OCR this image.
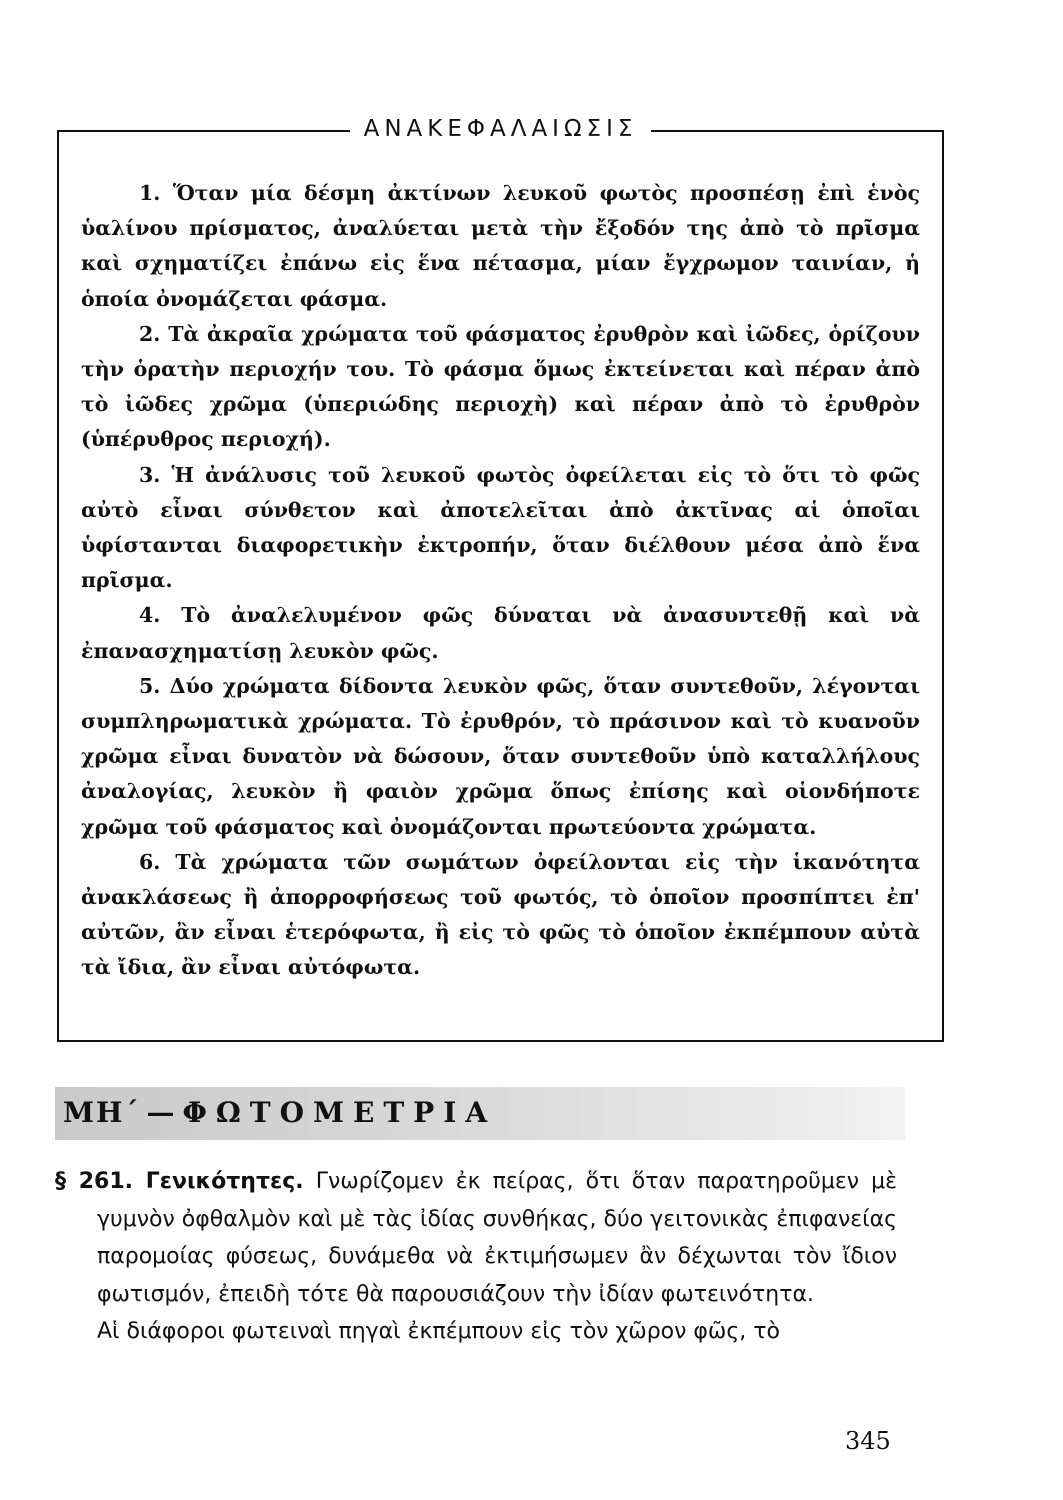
ΑΝΑΚΕΦΑΛΑΙΩΣΙΣ

1. Ὅταν μία δέσμη ἀκτίνων λευκοῦ φωτὸς προσπέσῃ ἐπὶ ἑνὸς ὑαλίνου πρίσματος, ἀναλύεται μετὰ τὴν ἔξοδόν της ἀπὸ τὸ πρῖσμα καὶ σχηματίζει ἐπάνω εἰς ἕνα πέτασμα, μίαν ἔγχρωμον ταινίαν, ἡ ὁποία ὀνομάζεται φάσμα.

2. Τὰ ἀκραῖα χρώματα τοῦ φάσματος ἐρυθρὸν καὶ ἰῶδες, ὁρίζουν τὴν ὁρατὴν περιοχήν του. Τὸ φάσμα ὅμως ἐκτείνεται καὶ πέραν ἀπὸ τὸ ἰῶδες χρῶμα (ὑπεριώδης περιοχὴ) καὶ πέραν ἀπὸ τὸ ἐρυθρὸν (ὑπέρυθρος περιοχή).

3. Ἡ ἀνάλυσις τοῦ λευκοῦ φωτὸς ὀφείλεται εἰς τὸ ὅτι τὸ φῶς αὐτὸ εἶναι σύνθετον καὶ ἀποτελεῖται ἀπὸ ἀκτῖνας αἱ ὁποῖαι ὑφίστανται διαφορετικὴν ἐκτροπήν, ὅταν διέλθουν μέσα ἀπὸ ἕνα πρῖσμα.

4. Τὸ ἀναλελυμένον φῶς δύναται νὰ ἀνασυντεθῇ καὶ νὰ ἐπανασχηματίσῃ λευκὸν φῶς.

5. Δύο χρώματα δίδοντα λευκὸν φῶς, ὅταν συντεθοῦν, λέγονται συμπληρωματικὰ χρώματα. Τὸ ἐρυθρόν, τὸ πράσινον καὶ τὸ κυανοῦν χρῶμα εἶναι δυνατὸν νὰ δώσουν, ὅταν συντεθοῦν ὑπὸ καταλλήλους ἀναλογίας, λευκὸν ἢ φαιὸν χρῶμα ὅπως ἐπίσης καὶ οἱονδήποτε χρῶμα τοῦ φάσματος καὶ ὀνομάζονται πρωτεύοντα χρώματα.

6. Τὰ χρώματα τῶν σωμάτων ὀφείλονται εἰς τὴν ἱκανότητα ἀνακλάσεως ἢ ἀπορροφήσεως τοῦ φωτός, τὸ ὁποῖον προσπίπτει ἐπ' αὐτῶν, ἂν εἶναι ἑτερόφωτα, ἢ εἰς τὸ φῶς τὸ ὁποῖον ἐκπέμπουν αὐτὰ τὰ ἴδια, ἂν εἶναι αὐτόφωτα.

ΜΗ΄ — ΦΩΤΟΜΕΤΡΙΑ

§ 261. Γενικότητες. Γνωρίζομεν ἐκ πείρας, ὅτι ὅταν παρατηροῦμεν μὲ γυμνὸν ὀφθαλμὸν καὶ μὲ τὰς ἰδίας συνθήκας, δύο γειτονικὰς ἐπιφανείας παρομοίας φύσεως, δυνάμεθα νὰ ἐκτιμήσωμεν ἂν δέχωνται τὸν ἴδιον φωτισμόν, ἐπειδὴ τότε θὰ παρουσιάζουν τὴν ἰδίαν φωτεινότητα.

Αἱ διάφοροι φωτειναὶ πηγαὶ ἐκπέμπουν εἰς τὸν χῶρον φῶς, τὸ

345
